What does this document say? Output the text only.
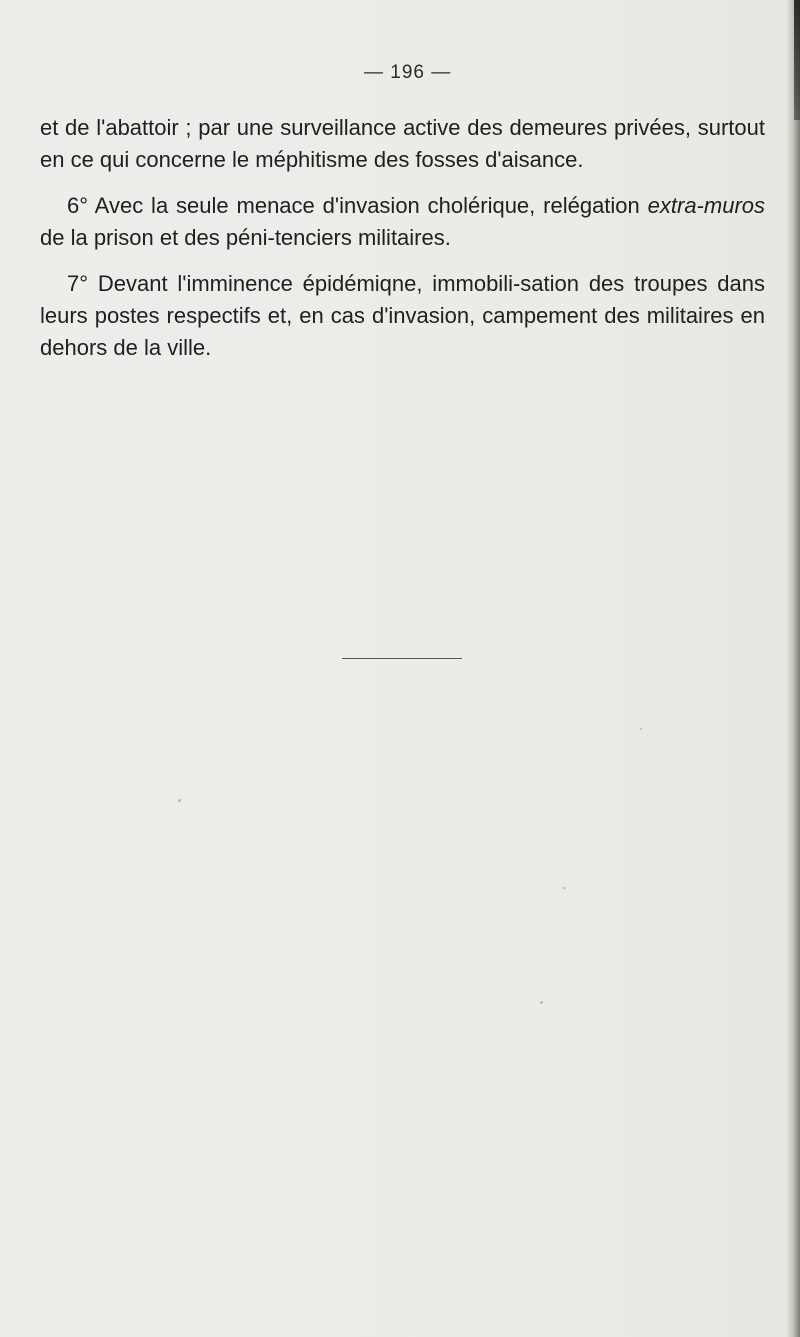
— 196 —

et de l'abattoir ; par une surveillance active des demeures privées, surtout en ce qui concerne le méphitisme des fosses d'aisance.

6° Avec la seule menace d'invasion cholérique, relégation extra-muros de la prison et des péni-tenciers militaires.

7° Devant l'imminence épidémiqne, immobili-sation des troupes dans leurs postes respectifs et, en cas d'invasion, campement des militaires en dehors de la ville.
